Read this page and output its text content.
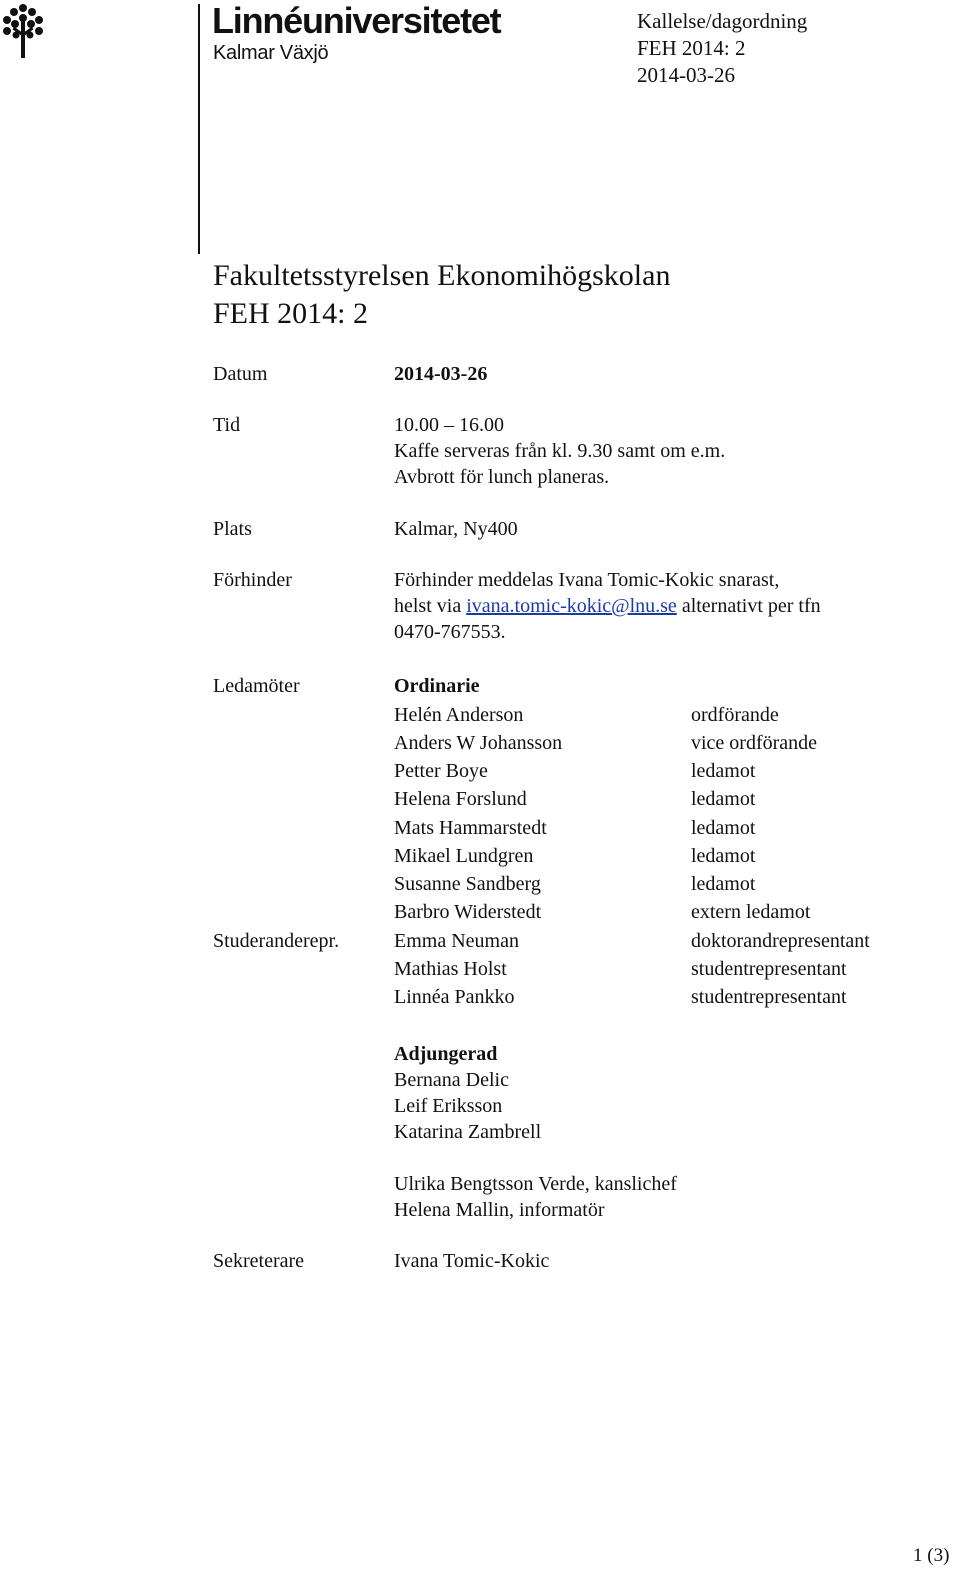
Linnéuniversitetet
Kalmar Växjö
Kallelse/dagordning
FEH 2014: 2
2014-03-26
Fakultetsstyrelsen Ekonomihögskolan
FEH 2014: 2
Datum	2014-03-26
Tid	10.00 – 16.00
Kaffe serveras från kl. 9.30 samt om e.m.
Avbrott för lunch planeras.
Plats	Kalmar, Ny400
Förhinder	Förhinder meddelas Ivana Tomic-Kokic snarast,
helst via ivana.tomic-kokic@lnu.se alternativt per tfn
0470-767553.
Ledamöter	Ordinarie
Helén Anderson	ordförande
Anders W Johansson	vice ordförande
Petter Boye	ledamot
Helena Forslund	ledamot
Mats Hammarstedt	ledamot
Mikael Lundgren	ledamot
Susanne Sandberg	ledamot
Barbro Widerstedt	extern ledamot
Studeranderepr.	Emma Neuman	doktorandrepresentant
Mathias Holst	studentrepresentant
Linnéa Pankko	studentrepresentant
Adjungerad
Bernana Delic
Leif Eriksson
Katarina Zambrell
Ulrika Bengtsson Verde, kanslichef
Helena Mallin, informatör
Sekreterare	Ivana Tomic-Kokic
1 (3)
